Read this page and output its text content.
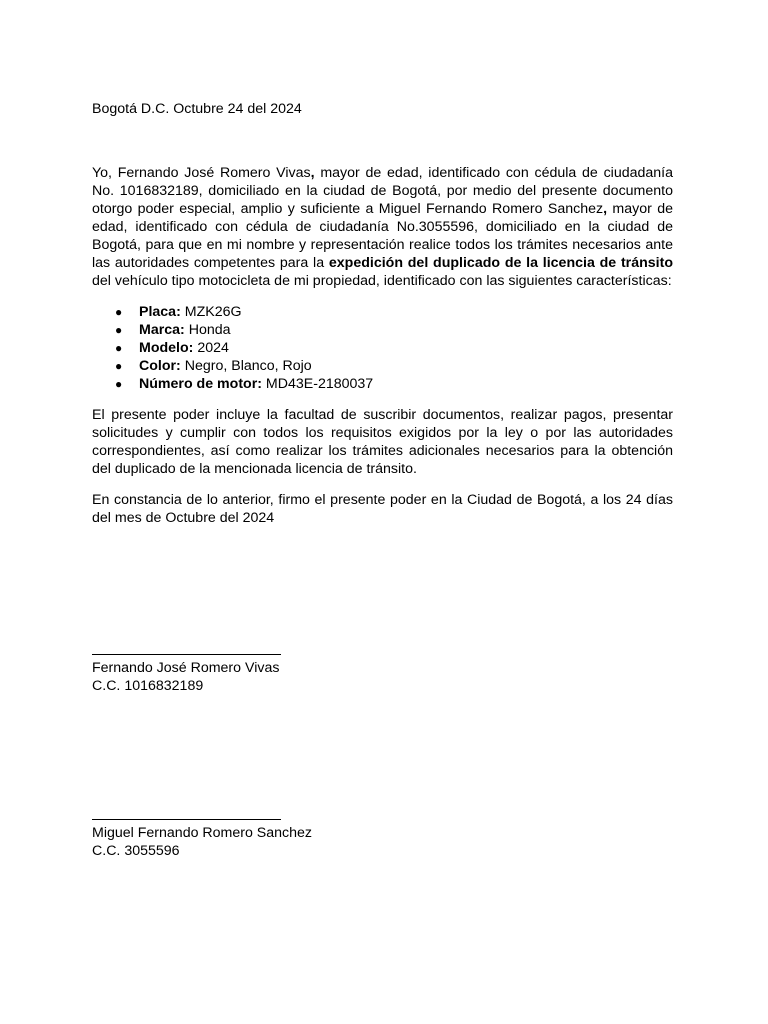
Bogotá D.C. Octubre 24 del 2024

Yo, Fernando José Romero Vivas, mayor de edad, identificado con cédula de ciudadanía No. 1016832189, domiciliado en la ciudad de Bogotá, por medio del presente documento otorgo poder especial, amplio y suficiente a Miguel Fernando Romero Sanchez, mayor de edad, identificado con cédula de ciudadanía No.3055596, domiciliado en la ciudad de Bogotá, para que en mi nombre y representación realice todos los trámites necesarios ante las autoridades competentes para la expedición del duplicado de la licencia de tránsito del vehículo tipo motocicleta de mi propiedad, identificado con las siguientes características:

● Placa: MZK26G
● Marca: Honda
● Modelo: 2024
● Color: Negro, Blanco, Rojo
● Número de motor: MD43E-2180037

El presente poder incluye la facultad de suscribir documentos, realizar pagos, presentar solicitudes y cumplir con todos los requisitos exigidos por la ley o por las autoridades correspondientes, así como realizar los trámites adicionales necesarios para la obtención del duplicado de la mencionada licencia de tránsito.

En constancia de lo anterior, firmo el presente poder en la Ciudad de Bogotá, a los 24 días del mes de Octubre del 2024

Fernando José Romero Vivas
C.C. 1016832189
Miguel Fernando Romero Sanchez
C.C. 3055596
